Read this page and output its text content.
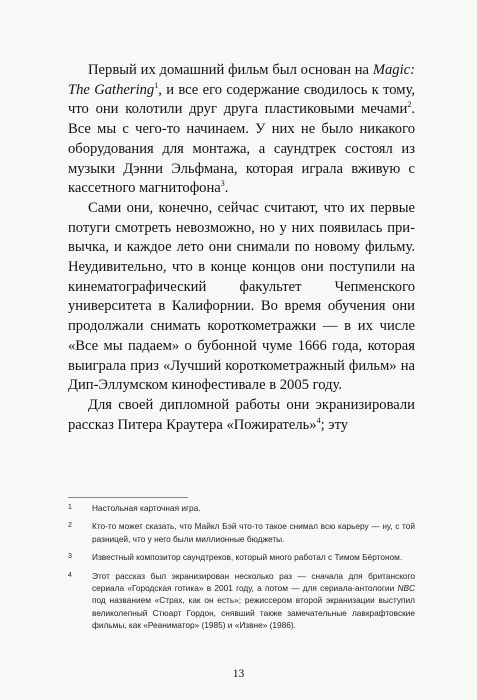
Первый их домашний фильм был основан на Magic: The Gathering$^1$, и все его содержание сводилось к тому, что они колотили друг друга пластиковыми мечами$^2$. Все мы с чего-то начинаем. У них не было никакого оборудования для монтажа, а саундтрек состоял из музыки Дэнни Эльфмана, которая играла вживую с кассетного магнитофона$^3$.

Сами они, конечно, сейчас считают, что их первые потуги смотреть невозможно, но у них появилась привычка, и каждое лето они снимали по новому фильму. Неудивительно, что в конце концов они поступили на кинематографический факультет Чепменского университета в Калифорнии. Во время обучения они продолжали снимать короткометражки — в их числе «Все мы падаем» о бубонной чуме 1666 года, которая выиграла приз «Лучший короткометражный фильм» на Дип-Эллумском кинофестивале в 2005 году.

Для своей дипломной работы они экранизировали рассказ Питера Краутера «Пожиратель»$^4$; эту

1	Настольная карточная игра.
2	Кто-то может сказать, что Майкл Бэй что-то такое снимал всю карьеру — ну, с той разницей, что у него были миллионные бюджеты.
3	Известный композитор саундтреков, который много работал с Тимом Бёртоном.
4	Этот рассказ был экранизирован несколько раз — сначала для британского сериала «Городская готика» в 2001 году, а потом — для сериала-антологии NBC под названием «Страх, как он есть»; режиссером второй экранизации выступил великолепный Стюарт Гордон, снявший также замечательные лавкрафтовские фильмы, как «Реаниматор» (1985) и «Извне» (1986).
13
